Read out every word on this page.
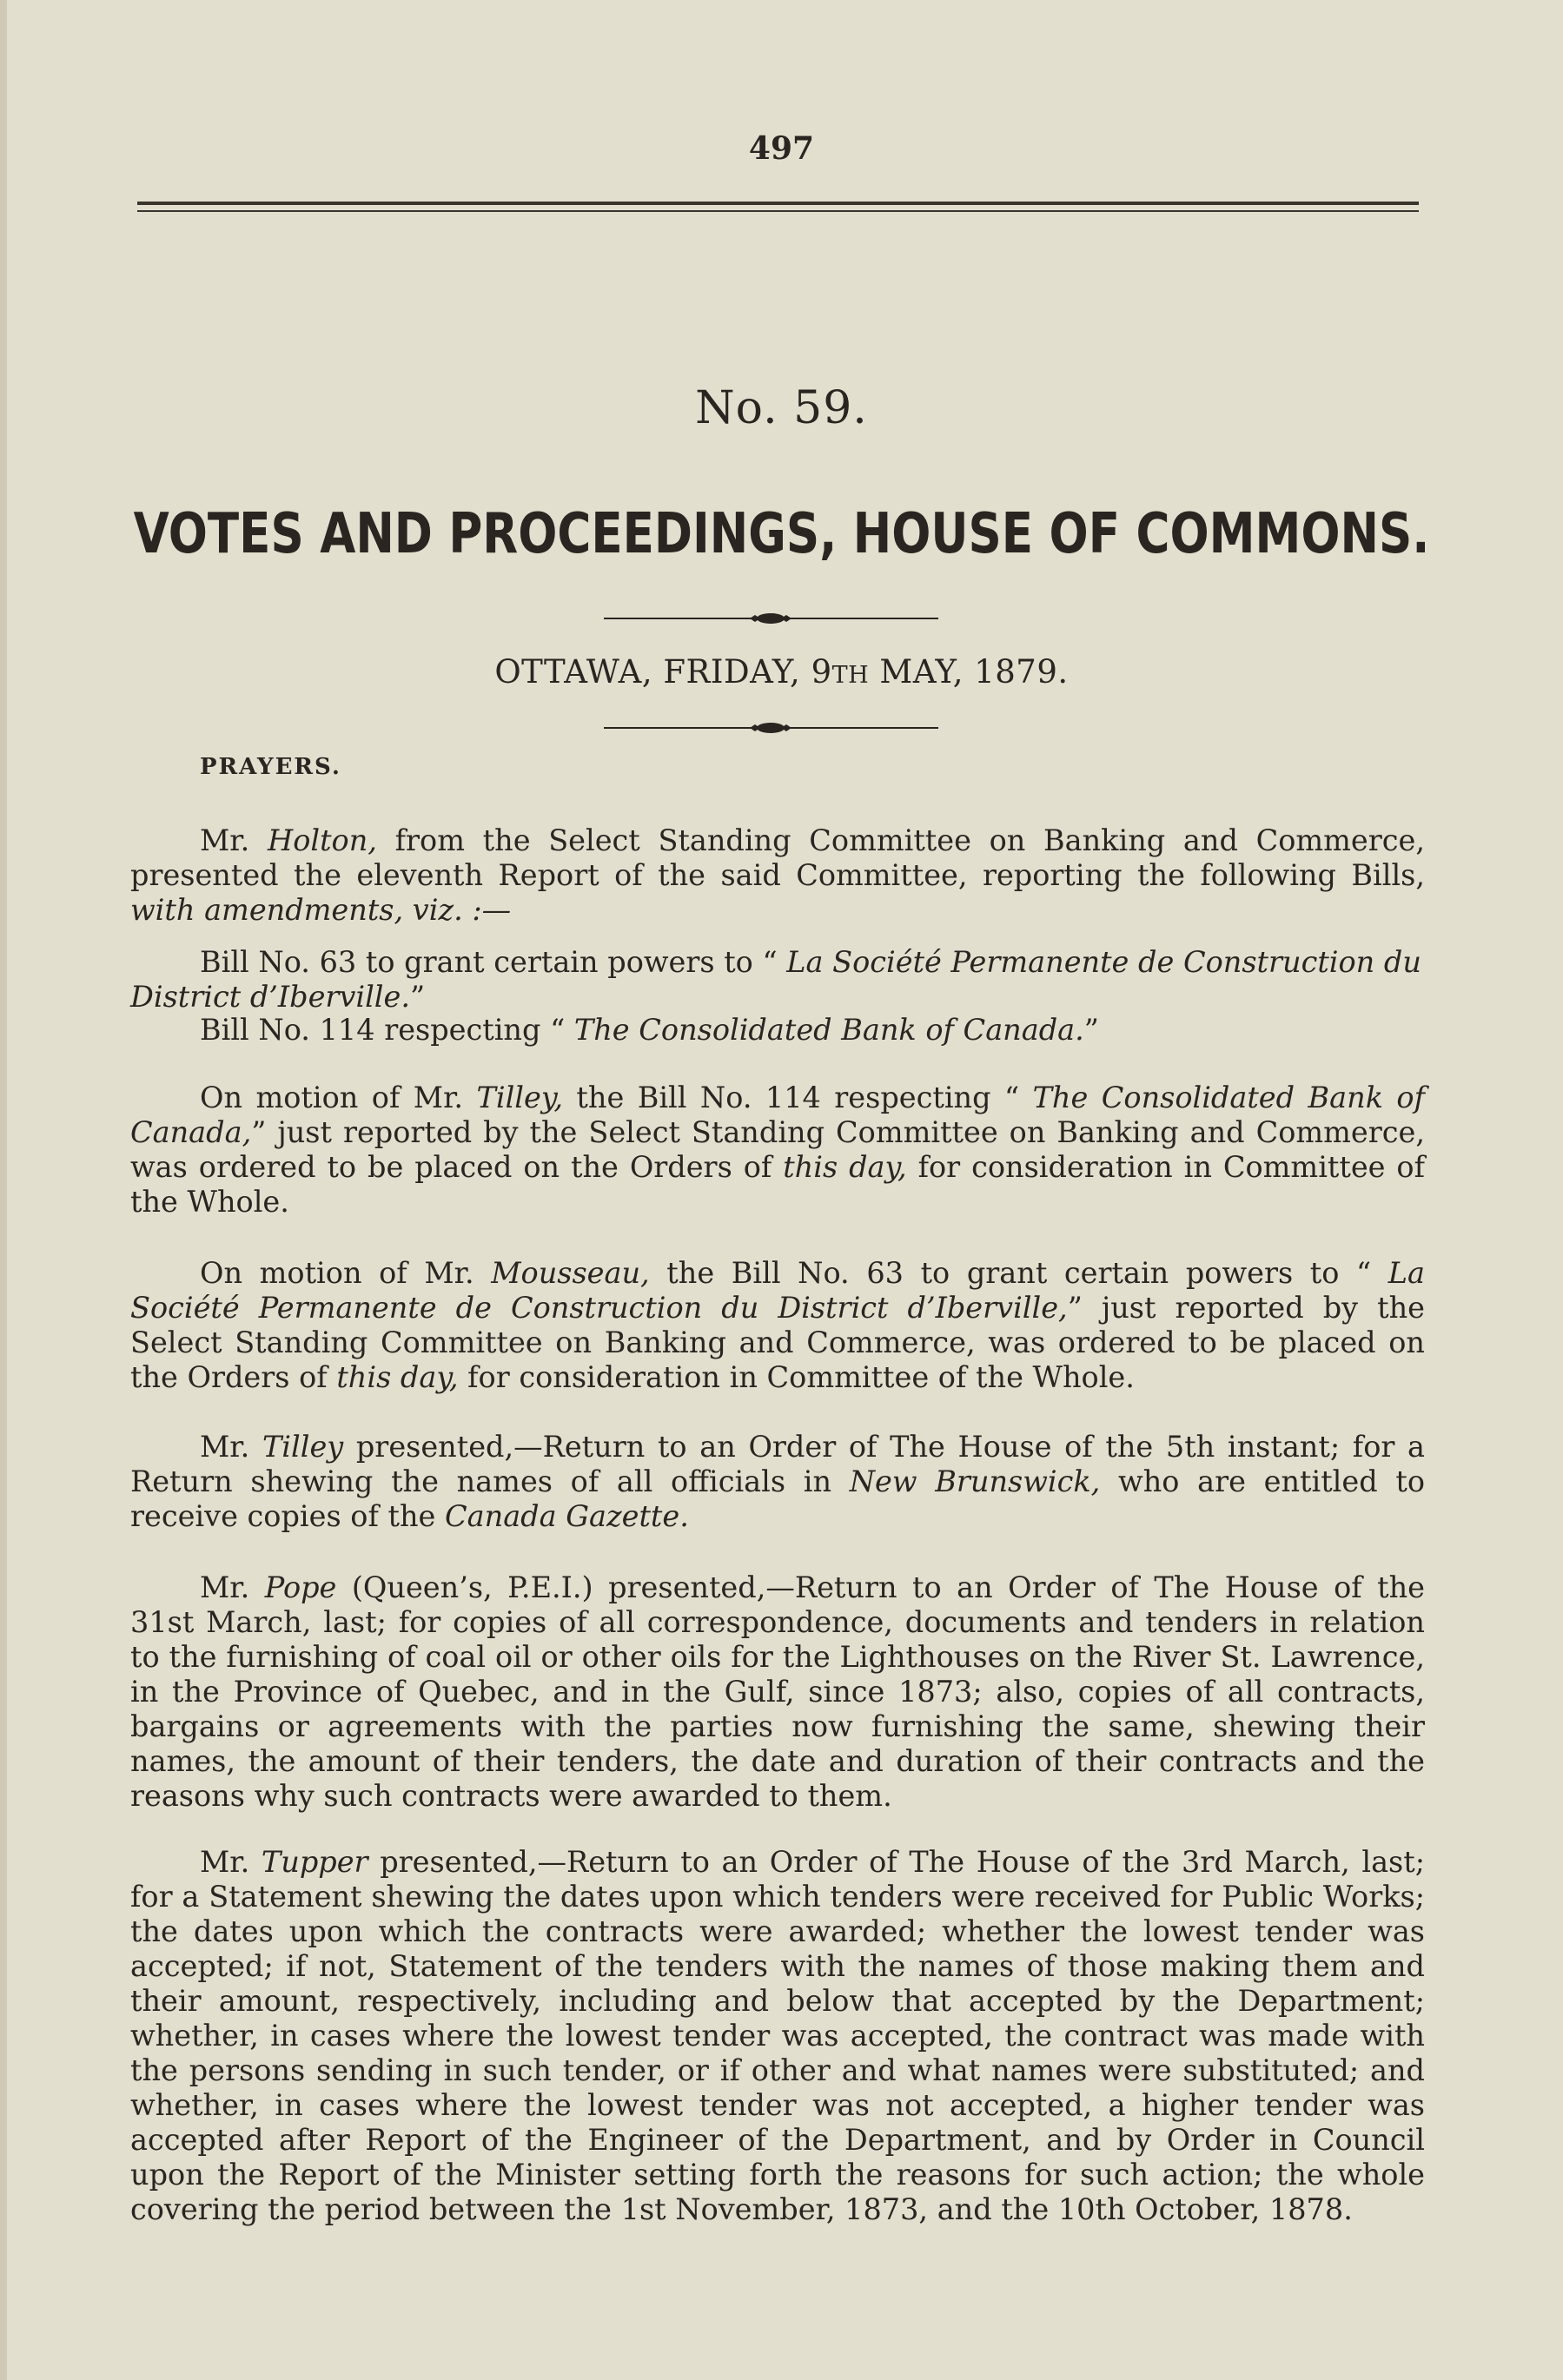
497
No. 59.
VOTES AND PROCEEDINGS, HOUSE OF COMMONS.
OTTAWA, FRIDAY, 9TH MAY, 1879.
PRAYERS.

Mr. Holton, from the Select Standing Committee on Banking and Commerce, presented the eleventh Report of the said Committee, reporting the following Bills, with amendments, viz. :—

Bill No. 63 to grant certain powers to “ La Société Permanente de Construction du District d’Iberville.”

Bill No. 114 respecting “ The Consolidated Bank of Canada.”

On motion of Mr. Tilley, the Bill No. 114 respecting “ The Consolidated Bank of Canada,” just reported by the Select Standing Committee on Banking and Commerce, was ordered to be placed on the Orders of this day, for consideration in Committee of the Whole.

On motion of Mr. Mousseau, the Bill No. 63 to grant certain powers to “ La Société Permanente de Construction du District d’Iberville,” just reported by the Select Standing Committee on Banking and Commerce, was ordered to be placed on the Orders of this day, for consideration in Committee of the Whole.

Mr. Tilley presented,—Return to an Order of The House of the 5th instant; for a Return shewing the names of all officials in New Brunswick, who are entitled to receive copies of the Canada Gazette.

Mr. Pope (Queen’s, P.E.I.) presented,—Return to an Order of The House of the 31st March, last; for copies of all correspondence, documents and tenders in relation to the furnishing of coal oil or other oils for the Lighthouses on the River St. Lawrence, in the Province of Quebec, and in the Gulf, since 1873; also, copies of all contracts, bargains or agreements with the parties now furnishing the same, shewing their names, the amount of their tenders, the date and duration of their contracts and the reasons why such contracts were awarded to them.

Mr. Tupper presented,—Return to an Order of The House of the 3rd March, last; for a Statement shewing the dates upon which tenders were received for Public Works; the dates upon which the contracts were awarded; whether the lowest tender was accepted; if not, Statement of the tenders with the names of those making them and their amount, respectively, including and below that accepted by the Department; whether, in cases where the lowest tender was accepted, the contract was made with the persons sending in such tender, or if other and what names were substituted; and whether, in cases where the lowest tender was not accepted, a higher tender was accepted after Report of the Engineer of the Department, and by Order in Council upon the Report of the Minister setting forth the reasons for such action; the whole covering the period between the 1st November, 1873, and the 10th October, 1878.
